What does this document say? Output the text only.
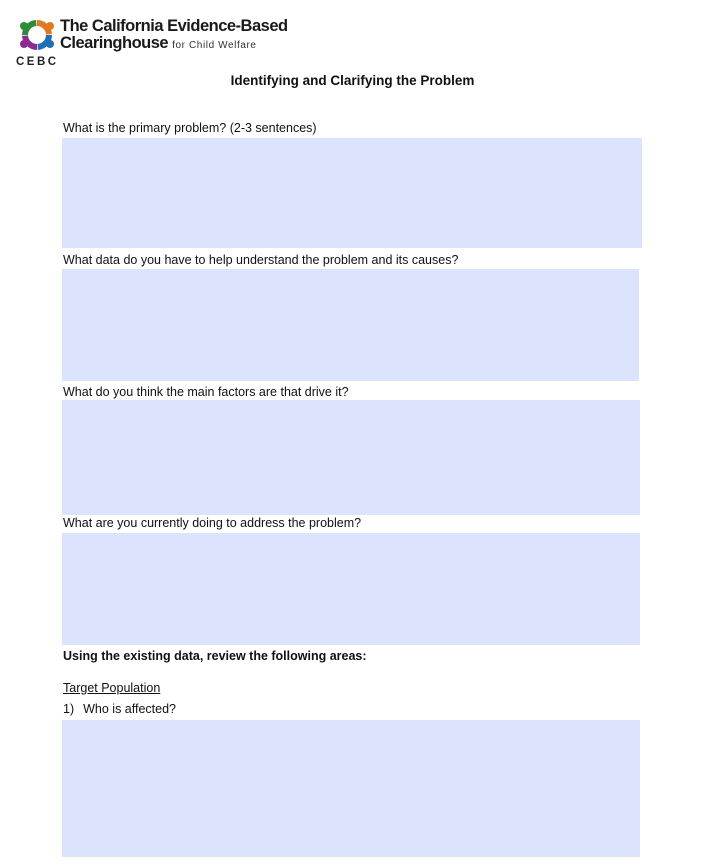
The California Evidence-Based
Clearinghouse for Child Welfare
CEBC
Identifying and Clarifying the Problem
What is the primary problem? (2-3 sentences)
What data do you have to help understand the problem and its causes?
What do you think the main factors are that drive it?
What are you currently doing to address the problem?
Using the existing data, review the following areas:
Target Population
1) Who is affected?
